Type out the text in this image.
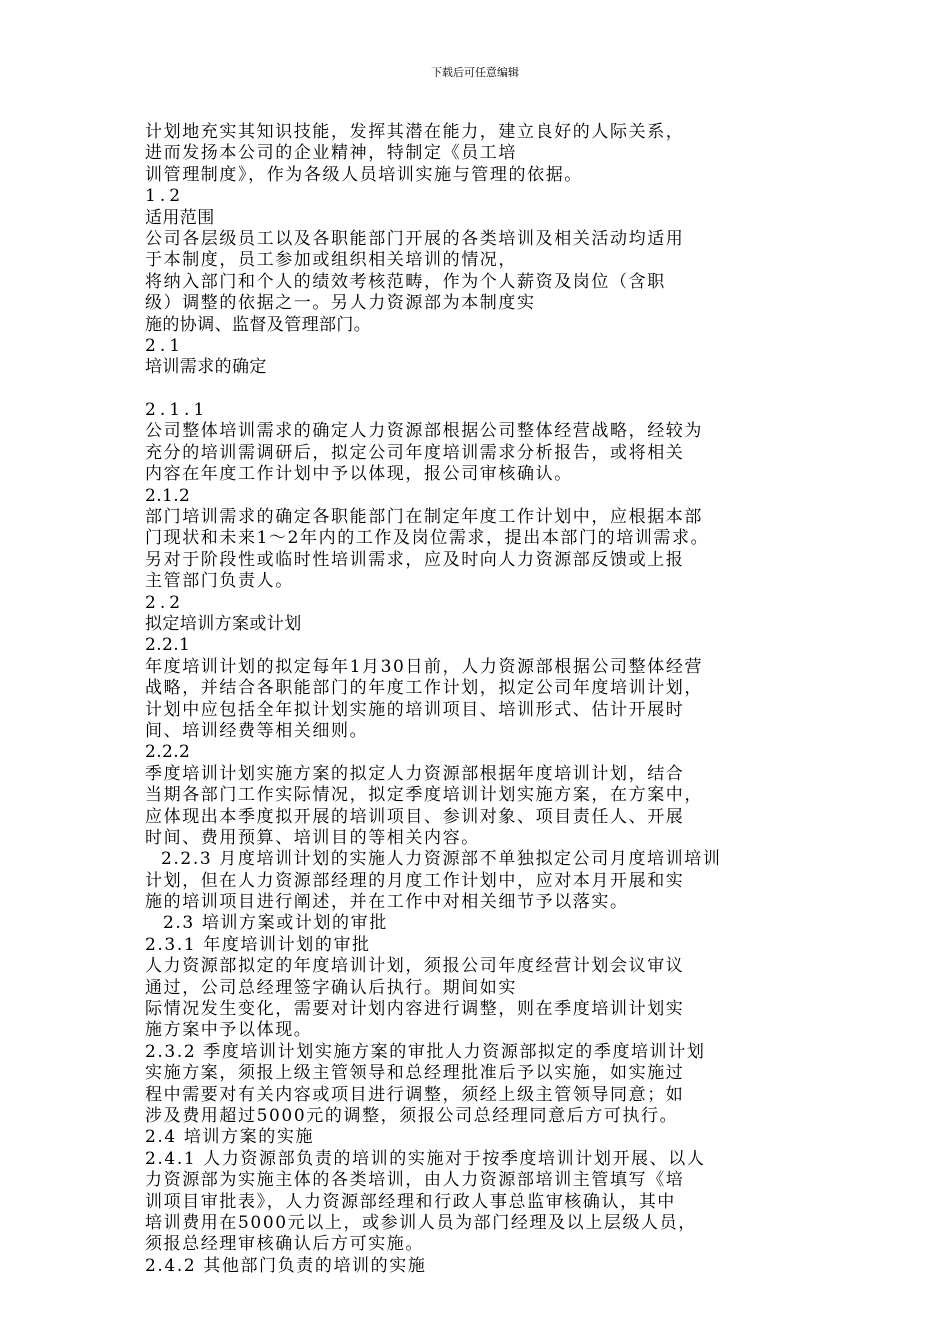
下载后可任意编辑
计划地充实其知识技能，发挥其潜在能力，建立良好的人际关系，
进而发扬本公司的企业精神，特制定《员工培
训管理制度》，作为各级人员培训实施与管理的依据。
1.2
适用范围
公司各层级员工以及各职能部门开展的各类培训及相关活动均适用
于本制度，员工参加或组织相关培训的情况，
将纳入部门和个人的绩效考核范畴，作为个人薪资及岗位（含职
级）调整的依据之一。另人力资源部为本制度实
施的协调、监督及管理部门。
2.1
培训需求的确定
2.1.1
公司整体培训需求的确定人力资源部根据公司整体经营战略，经较为
充分的培训需调研后，拟定公司年度培训需求分析报告，或将相关
内容在年度工作计划中予以体现，报公司审核确认。
2.1.2
部门培训需求的确定各职能部门在制定年度工作计划中，应根据本部
门现状和未来1～2年内的工作及岗位需求，提出本部门的培训需求。
另对于阶段性或临时性培训需求，应及时向人力资源部反馈或上报
主管部门负责人。
2.2
拟定培训方案或计划
2.2.1
年度培训计划的拟定每年1月30日前，人力资源部根据公司整体经营
战略，并结合各职能部门的年度工作计划，拟定公司年度培训计划，
计划中应包括全年拟计划实施的培训项目、培训形式、估计开展时
间、培训经费等相关细则。
2.2.2
季度培训计划实施方案的拟定人力资源部根据年度培训计划，结合
当期各部门工作实际情况，拟定季度培训计划实施方案，在方案中，
应体现出本季度拟开展的培训项目、参训对象、项目责任人、开展
时间、费用预算、培训目的等相关内容。
2.2.3 月度培训计划的实施人力资源部不单独拟定公司月度培训培训
计划，但在人力资源部经理的月度工作计划中，应对本月开展和实
施的培训项目进行阐述，并在工作中对相关细节予以落实。
2.3 培训方案或计划的审批
2.3.1 年度培训计划的审批
人力资源部拟定的年度培训计划，须报公司年度经营计划会议审议
通过，公司总经理签字确认后执行。期间如实
际情况发生变化，需要对计划内容进行调整，则在季度培训计划实
施方案中予以体现。
2.3.2 季度培训计划实施方案的审批人力资源部拟定的季度培训计划
实施方案，须报上级主管领导和总经理批准后予以实施，如实施过
程中需要对有关内容或项目进行调整，须经上级主管领导同意；如
涉及费用超过5000元的调整，须报公司总经理同意后方可执行。
2.4 培训方案的实施
2.4.1 人力资源部负责的培训的实施对于按季度培训计划开展、以人
力资源部为实施主体的各类培训，由人力资源部培训主管填写《培
训项目审批表》，人力资源部经理和行政人事总监审核确认，其中
培训费用在5000元以上，或参训人员为部门经理及以上层级人员，
须报总经理审核确认后方可实施。
2.4.2 其他部门负责的培训的实施
